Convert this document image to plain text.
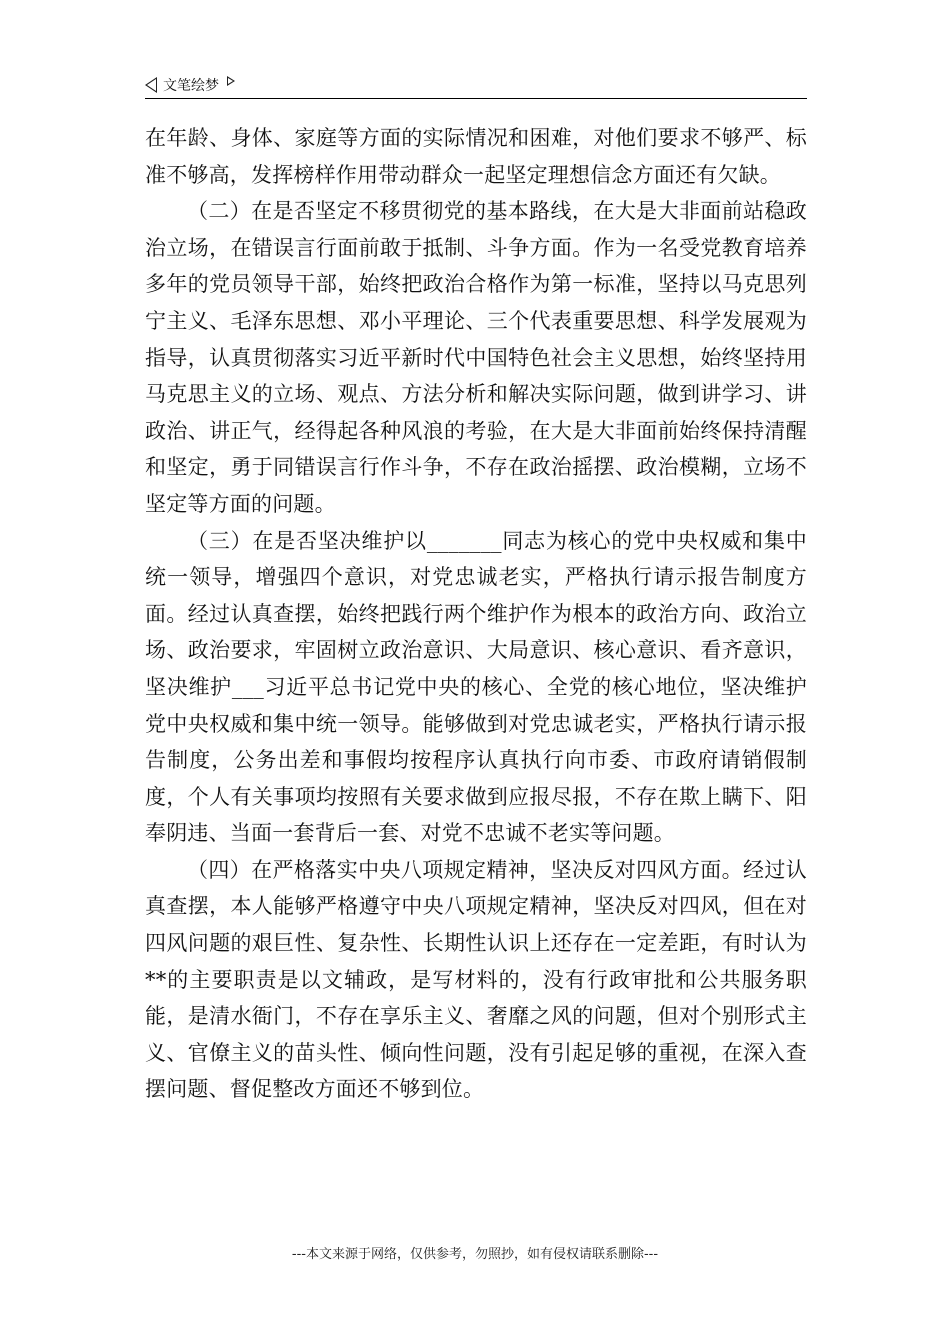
文笔绘梦

在年龄、身体、家庭等方面的实际情况和困难，对他们要求不够严、标准不够高，发挥榜样作用带动群众一起坚定理想信念方面还有欠缺。

（二）在是否坚定不移贯彻党的基本路线，在大是大非面前站稳政治立场，在错误言行面前敢于抵制、斗争方面。作为一名受党教育培养多年的党员领导干部，始终把政治合格作为第一标准，坚持以马克思列宁主义、毛泽东思想、邓小平理论、三个代表重要思想、科学发展观为指导，认真贯彻落实习近平新时代中国特色社会主义思想，始终坚持用马克思主义的立场、观点、方法分析和解决实际问题，做到讲学习、讲政治、讲正气，经得起各种风浪的考验，在大是大非面前始终保持清醒和坚定，勇于同错误言行作斗争，不存在政治摇摆、政治模糊，立场不坚定等方面的问题。

（三）在是否坚决维护以_______同志为核心的党中央权威和集中统一领导，增强四个意识，对党忠诚老实，严格执行请示报告制度方面。经过认真查摆，始终把践行两个维护作为根本的政治方向、政治立场、政治要求，牢固树立政治意识、大局意识、核心意识、看齐意识，坚决维护___习近平总书记党中央的核心、全党的核心地位，坚决维护党中央权威和集中统一领导。能够做到对党忠诚老实，严格执行请示报告制度，公务出差和事假均按程序认真执行向市委、市政府请销假制度，个人有关事项均按照有关要求做到应报尽报，不存在欺上瞒下、阳奉阴违、当面一套背后一套、对党不忠诚不老实等问题。

（四）在严格落实中央八项规定精神，坚决反对四风方面。经过认真查摆，本人能够严格遵守中央八项规定精神，坚决反对四风，但在对四风问题的艰巨性、复杂性、长期性认识上还存在一定差距，有时认为**的主要职责是以文辅政，是写材料的，没有行政审批和公共服务职能，是清水衙门，不存在享乐主义、奢靡之风的问题，但对个别形式主义、官僚主义的苗头性、倾向性问题，没有引起足够的重视，在深入查摆问题、督促整改方面还不够到位。

---本文来源于网络，仅供参考，勿照抄，如有侵权请联系删除---
